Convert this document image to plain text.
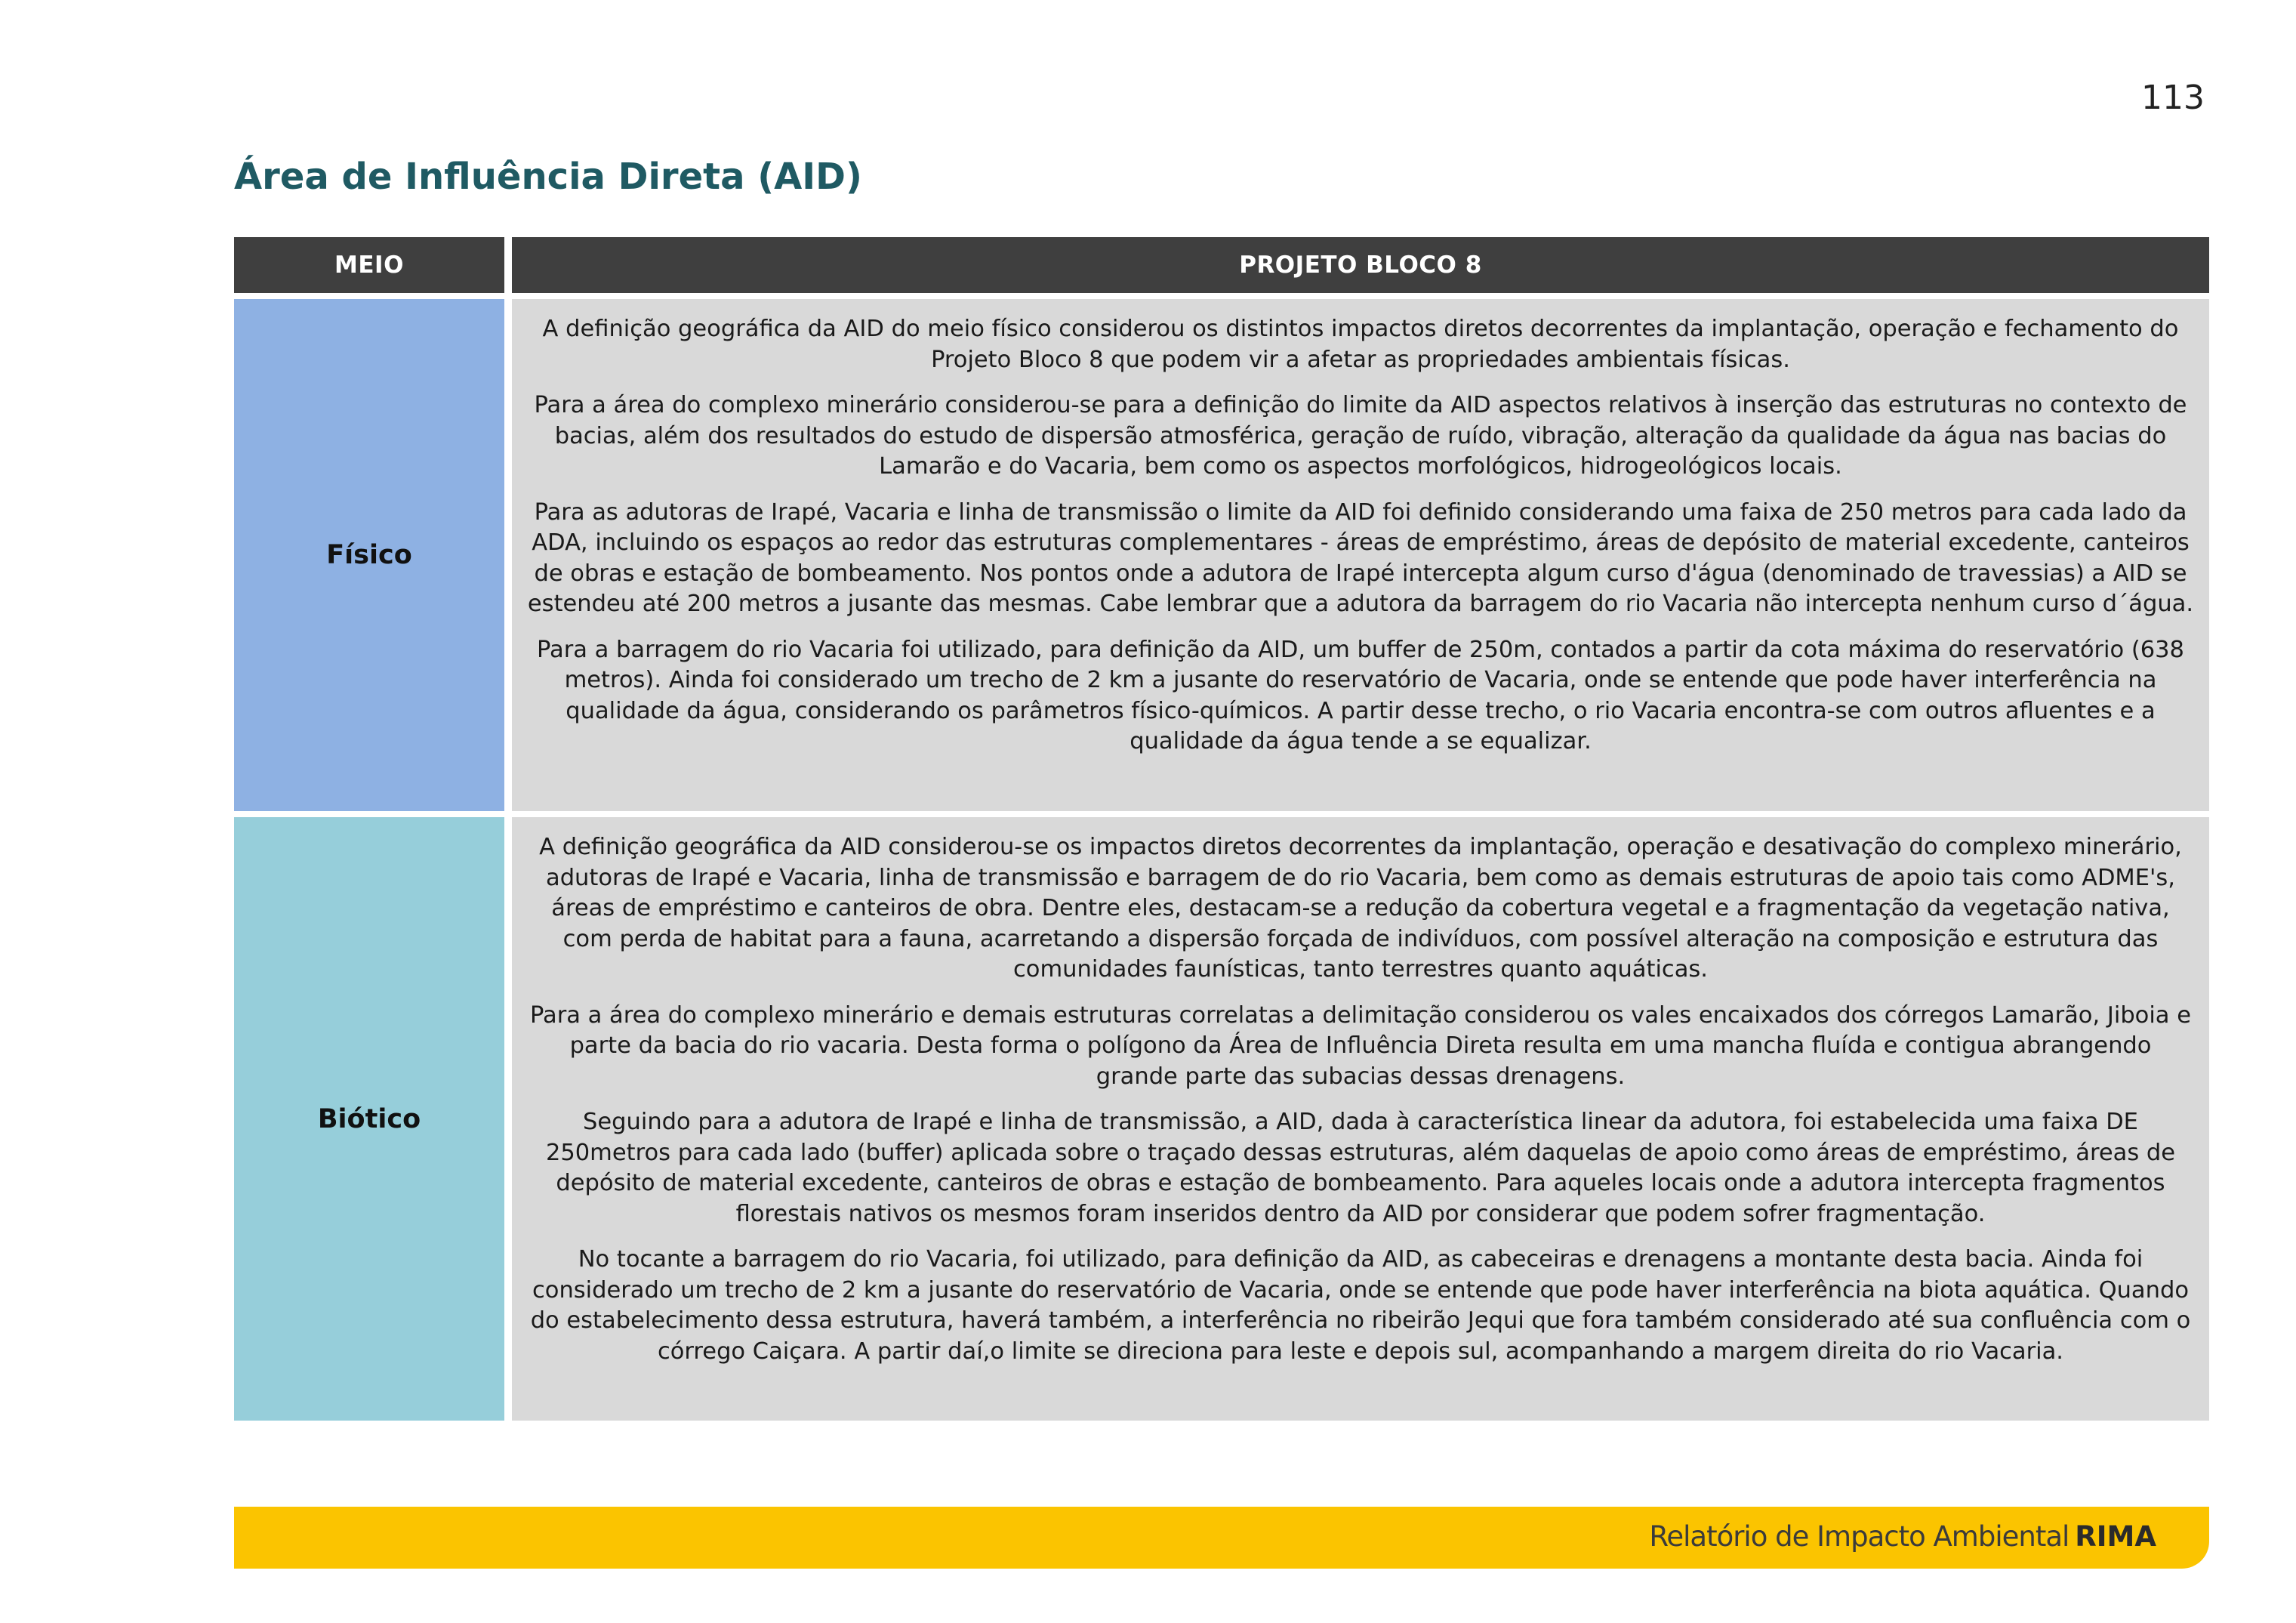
113
Área de Influência Direta (AID)
MEIO	PROJETO BLOCO 8
Físico

A definição geográfica da AID do meio físico considerou os distintos impactos diretos decorrentes da implantação, operação e fechamento do Projeto Bloco 8 que podem vir a afetar as propriedades ambientais físicas.

Para a área do complexo minerário considerou-se para a definição do limite da AID aspectos relativos à inserção das estruturas no contexto de bacias, além dos resultados do estudo de dispersão atmosférica, geração de ruído, vibração, alteração da qualidade da água nas bacias do Lamarão e do Vacaria, bem como os aspectos morfológicos, hidrogeológicos locais.

Para as adutoras de Irapé, Vacaria e linha de transmissão o limite da AID foi definido considerando uma faixa de 250 metros para cada lado da ADA, incluindo os espaços ao redor das estruturas complementares - áreas de empréstimo, áreas de depósito de material excedente, canteiros de obras e estação de bombeamento. Nos pontos onde a adutora de Irapé intercepta algum curso d'água (denominado de travessias) a AID se estendeu até 200 metros a jusante das mesmas. Cabe lembrar que a adutora da barragem do rio Vacaria não intercepta nenhum curso d´água.

Para a barragem do rio Vacaria foi utilizado, para definição da AID, um buffer de 250m, contados a partir da cota máxima do reservatório (638 metros). Ainda foi considerado um trecho de 2 km a jusante do reservatório de Vacaria, onde se entende que pode haver interferência na qualidade da água, considerando os parâmetros físico-químicos. A partir desse trecho, o rio Vacaria encontra-se com outros afluentes e a qualidade da água tende a se equalizar.

Biótico

A definição geográfica da AID considerou-se os impactos diretos decorrentes da implantação, operação e desativação do complexo minerário, adutoras de Irapé e Vacaria, linha de transmissão e barragem de do rio Vacaria, bem como as demais estruturas de apoio tais como ADME's, áreas de empréstimo e canteiros de obra. Dentre eles, destacam-se a redução da cobertura vegetal e a fragmentação da vegetação nativa, com perda de habitat para a fauna, acarretando a dispersão forçada de indivíduos, com possível alteração na composição e estrutura das comunidades faunísticas, tanto terrestres quanto aquáticas.

Para a área do complexo minerário e demais estruturas correlatas a delimitação considerou os vales encaixados dos córregos Lamarão, Jiboia e parte da bacia do rio vacaria. Desta forma o polígono da Área de Influência Direta resulta em uma mancha fluída e contigua abrangendo grande parte das subacias dessas drenagens.

Seguindo para a adutora de Irapé e linha de transmissão, a AID, dada à característica linear da adutora, foi estabelecida uma faixa DE 250metros para cada lado (buffer) aplicada sobre o traçado dessas estruturas, além daquelas de apoio como áreas de empréstimo, áreas de depósito de material excedente, canteiros de obras e estação de bombeamento. Para aqueles locais onde a adutora intercepta fragmentos florestais nativos os mesmos foram inseridos dentro da AID por considerar que podem sofrer fragmentação.

No tocante a barragem do rio Vacaria, foi utilizado, para definição da AID, as cabeceiras e drenagens a montante desta bacia. Ainda foi considerado um trecho de 2 km a jusante do reservatório de Vacaria, onde se entende que pode haver interferência na biota aquática. Quando do estabelecimento dessa estrutura, haverá também, a interferência no ribeirão Jequi que fora também considerado até sua confluência com o córrego Caiçara. A partir daí,o limite se direciona para leste e depois sul, acompanhando a margem direita do rio Vacaria.

Relatório de Impacto Ambiental RIMA
